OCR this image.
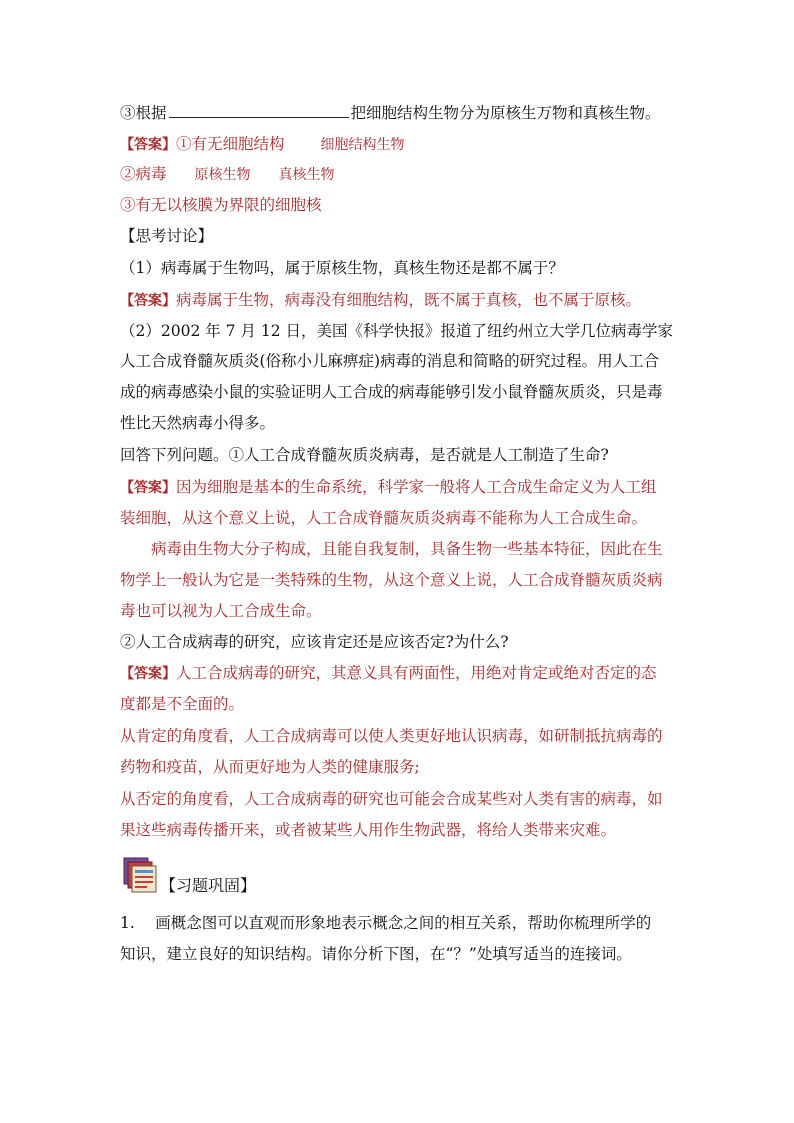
③根据	把细胞结构生物分为原核生万物和真核生物。
【答案】①有无细胞结构	细胞结构生物
②病毒 原核生物 真核生物
③有无以核膜为界限的细胞核
【思考讨论】
（1）病毒属于生物吗，属于原核生物，真核生物还是都不属于？
【答案】病毒属于生物，病毒没有细胞结构，既不属于真核，也不属于原核。
（2）2002 年 7 月 12 日，美国《科学快报》报道了纽约州立大学几位病毒学家
人工合成脊髓灰质炎(俗称小儿麻痹症)病毒的消息和简略的研究过程。用人工合
成的病毒感染小鼠的实验证明人工合成的病毒能够引发小鼠脊髓灰质炎，只是毒
性比天然病毒小得多。
回答下列问题。①人工合成脊髓灰质炎病毒，是否就是人工制造了生命?
【答案】因为细胞是基本的生命系统，科学家一般将人工合成生命定义为人工组
装细胞，从这个意义上说，人工合成脊髓灰质炎病毒不能称为人工合成生命。
病毒由生物大分子构成，且能自我复制，具备生物一些基本特征，因此在生
物学上一般认为它是一类特殊的生物，从这个意义上说，人工合成脊髓灰质炎病
毒也可以视为人工合成生命。
②人工合成病毒的研究，应该肯定还是应该否定?为什么?
【答案】人工合成病毒的研究，其意义具有两面性，用绝对肯定或绝对否定的态
度都是不全面的。
从肯定的角度看，人工合成病毒可以使人类更好地认识病毒，如研制抵抗病毒的
药物和疫苗，从而更好地为人类的健康服务;
从否定的角度看，人工合成病毒的研究也可能会合成某些对人类有害的病毒，如
果这些病毒传播开来，或者被某些人用作生物武器，将给人类带来灾难。
【习题巩固】
1.　 画概念图可以直观而形象地表示概念之间的相互关系，帮助你梳理所学的
知识，建立良好的知识结构。请你分析下图，在“？”处填写适当的连接词。
